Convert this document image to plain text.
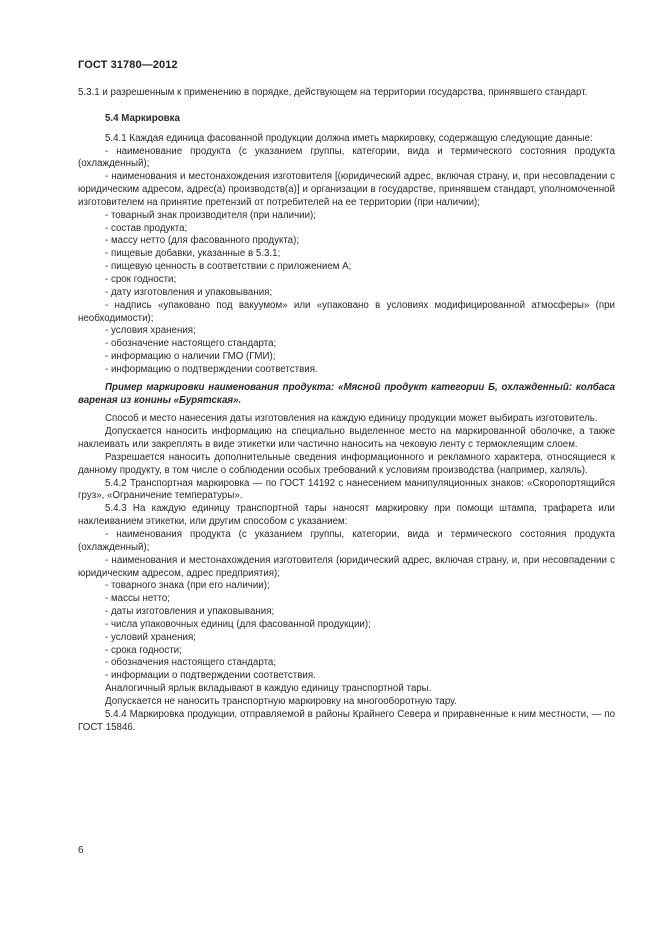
ГОСТ 31780—2012

5.3.1 и разрешенным к применению в порядке, действующем на территории государства, принявшего стандарт.

5.4 Маркировка

5.4.1 Каждая единица фасованной продукции должна иметь маркировку, содержащую следующие данные:

- наименование продукта (с указанием группы, категории, вида и термического состояния продукта (охлажденный);

- наименования и местонахождения изготовителя [(юридический адрес, включая страну, и, при несовпадении с юридическим адресом, адрес(а) производств(а)] и организации в государстве, принявшем стандарт, уполномоченной изготовителем на принятие претензий от потребителей на ее территории (при наличии);

- товарный знак производителя (при наличии);

- состав продукта;

- массу нетто (для фасованного продукта);

- пищевые добавки, указанные в 5.3.1;

- пищевую ценность в соответствии с приложением А;

- срок годности;

- дату изготовления и упаковывания;

- надпись «упаковано под вакуумом» или «упаковано в условиях модифицированной атмосферы» (при необходимости);

- условия хранения;

- обозначение настоящего стандарта;

- информацию о наличии ГМО (ГМИ);

- информацию о подтверждении соответствия.

Пример маркировки наименования продукта: «Мясной продукт категории Б, охлажденный: колбаса вареная из конины «Бурятская».

Способ и место нанесения даты изготовления на каждую единицу продукции может выбирать изготовитель.

Допускается наносить информацию на специально выделенное место на маркированной оболочке, а также наклеивать или закреплять в виде этикетки или частично наносить на чековую ленту с термоклеящим слоем.

Разрешается наносить дополнительные сведения информационного и рекламного характера, относящиеся к данному продукту, в том числе о соблюдении особых требований к условиям производства (например, халяль).

5.4.2 Транспортная маркировка — по ГОСТ 14192 с нанесением манипуляционных знаков: «Скоропортящийся груз», «Ограничение температуры».

5.4.3 На каждую единицу транспортной тары наносят маркировку при помощи штампа, трафарета или наклеиванием этикетки, или другим способом с указанием:

- наименования продукта (с указанием группы, категории, вида и термического состояния продукта (охлажденный);

- наименования и местонахождения изготовителя (юридический адрес, включая страну, и, при несовпадении с юридическим адресом, адрес предприятия);

- товарного знака (при его наличии);

- массы нетто;

- даты изготовления и упаковывания;

- числа упаковочных единиц (для фасованной продукции);

- условий хранения;

- срока годности;

- обозначения настоящего стандарта;

- информации о подтверждении соответствия.

Аналогичный ярлык вкладывают в каждую единицу транспортной тары.

Допускается не наносить транспортную маркировку на многооборотную тару.

5.4.4 Маркировка продукции, отправляемой в районы Крайнего Севера и приравненные к ним местности, — по ГОСТ 15846.

6
